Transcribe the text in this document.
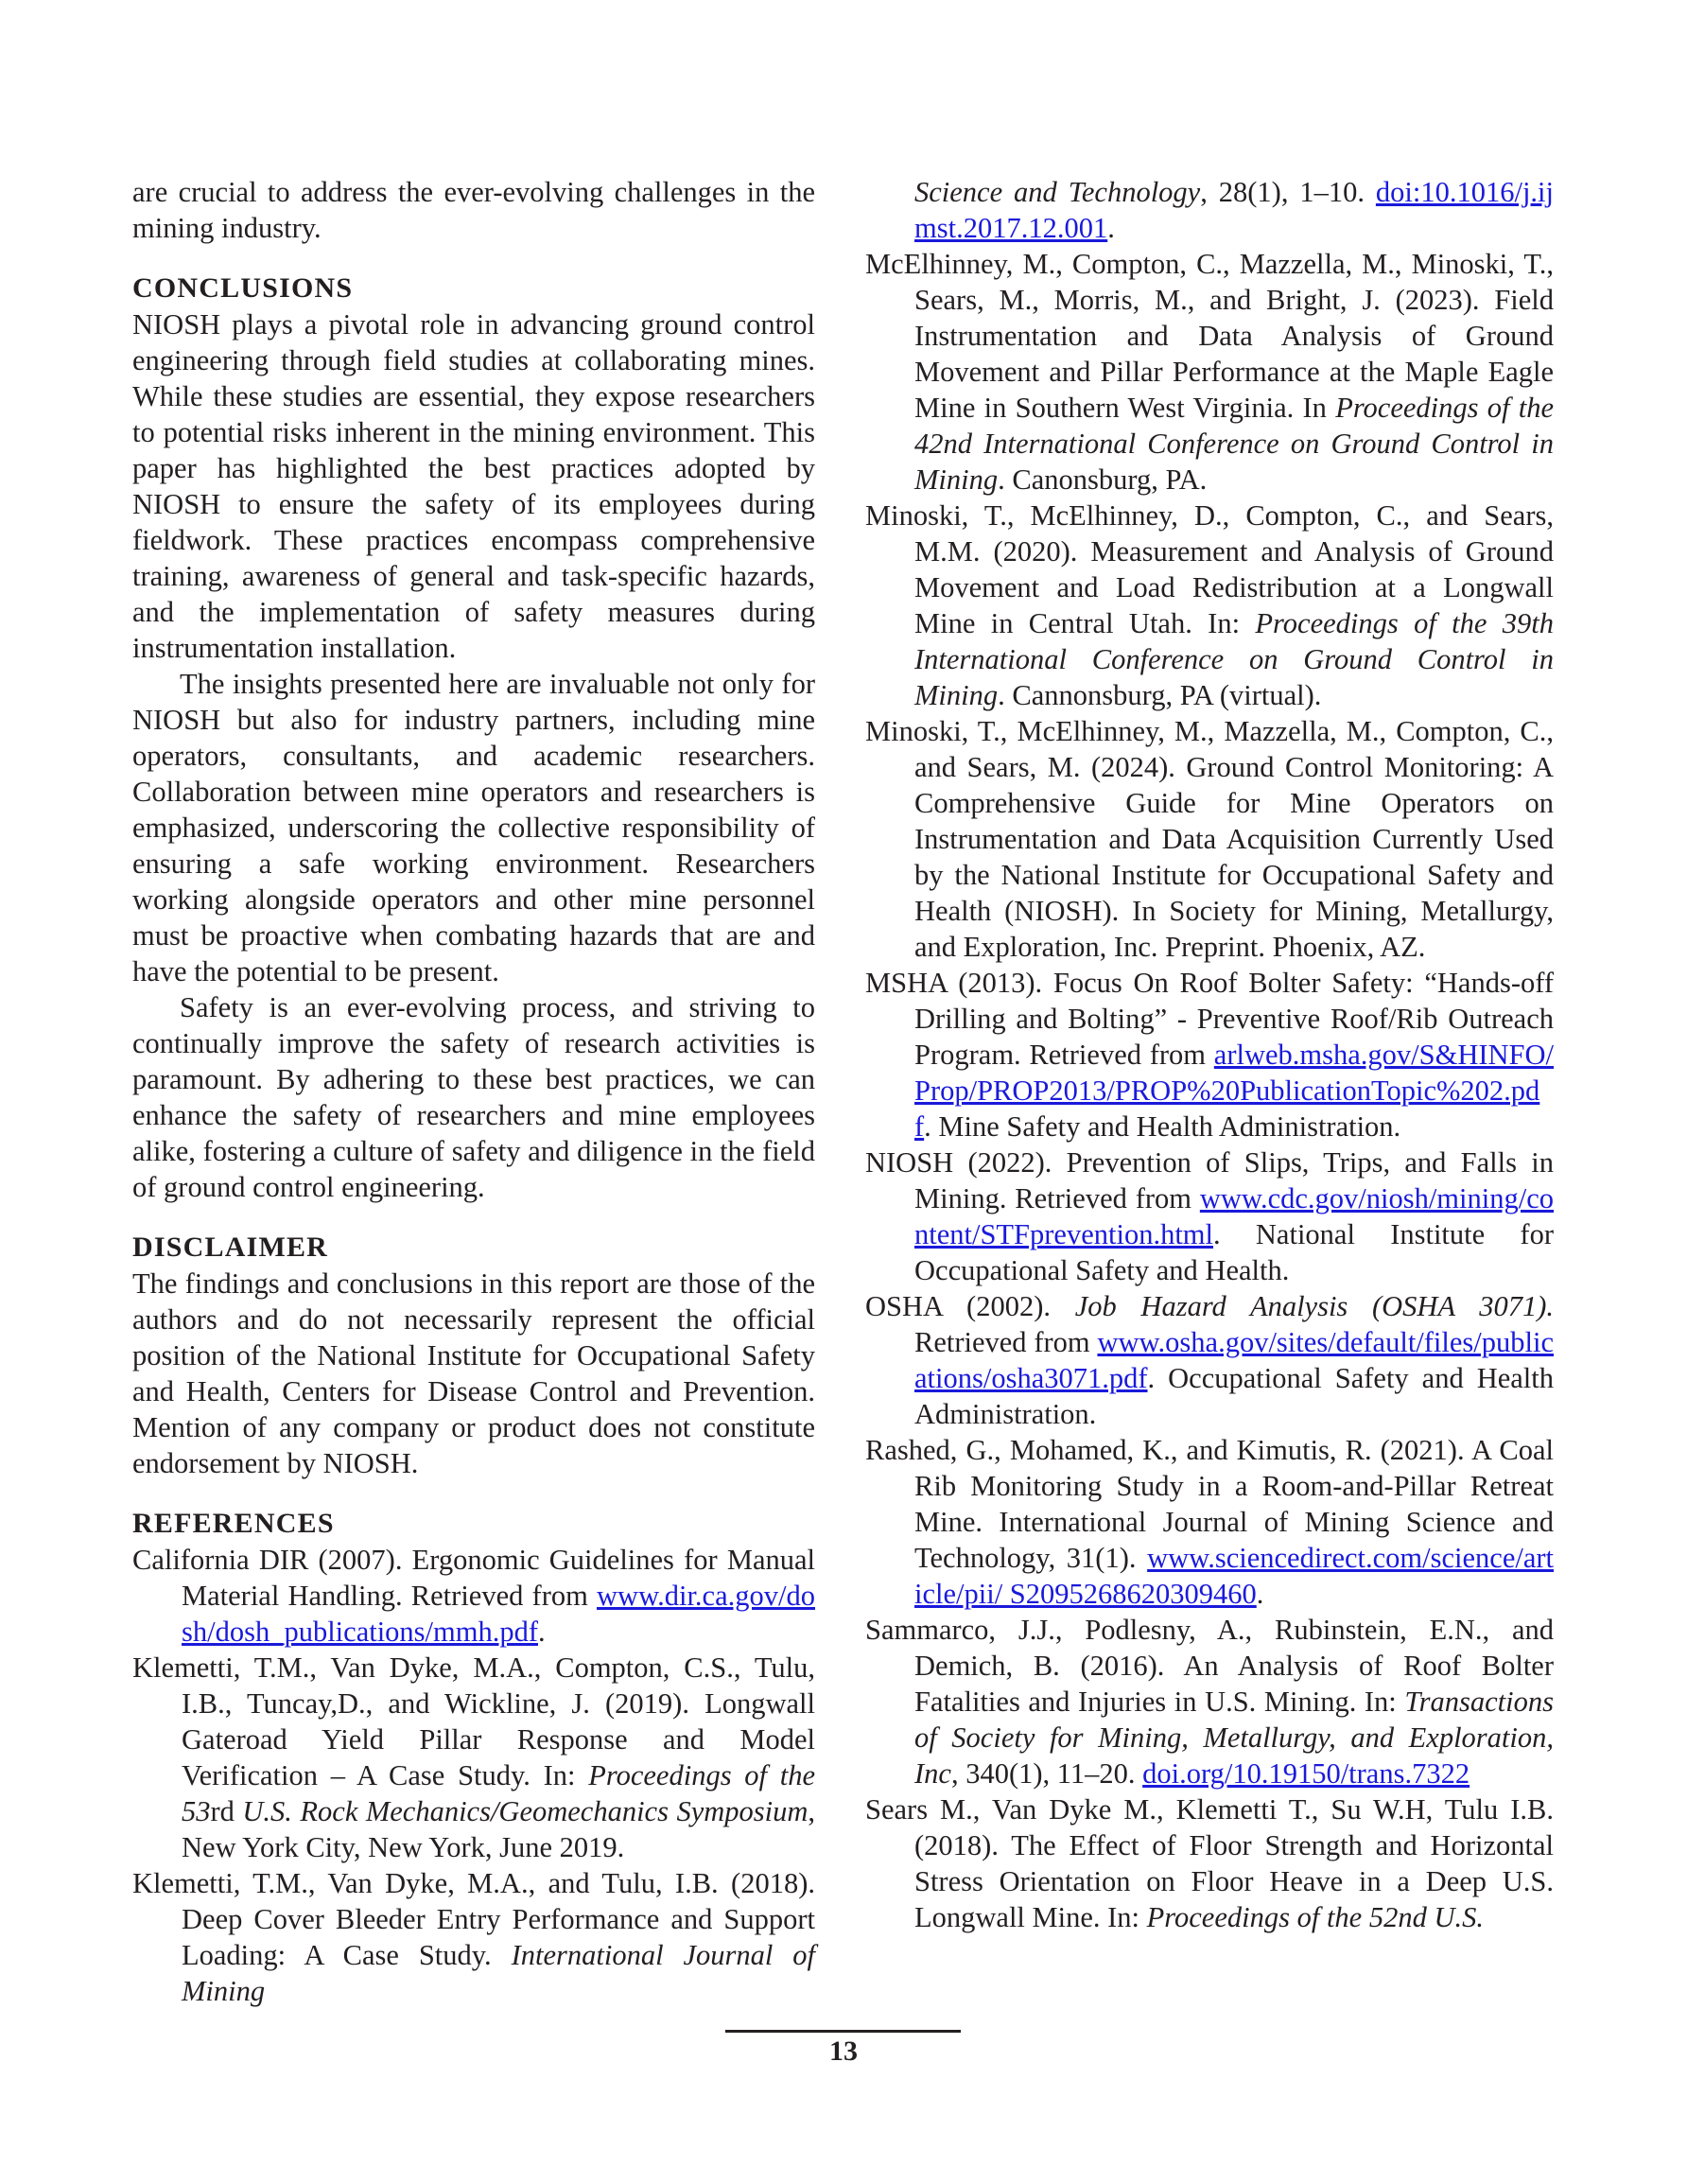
are crucial to address the ever-evolving challenges in the mining industry.

CONCLUSIONS

NIOSH plays a pivotal role in advancing ground control engineering through field studies at collaborating mines. While these studies are essential, they expose researchers to potential risks inherent in the mining environment. This paper has highlighted the best practices adopted by NIOSH to ensure the safety of its employees during fieldwork. These practices encompass comprehensive training, awareness of general and task-specific hazards, and the implementation of safety measures during instrumentation installation.

The insights presented here are invaluable not only for NIOSH but also for industry partners, including mine operators, consultants, and academic researchers. Collaboration between mine operators and researchers is emphasized, underscoring the collective responsibility of ensuring a safe working environment. Researchers working alongside operators and other mine personnel must be proactive when combating hazards that are and have the potential to be present.

Safety is an ever-evolving process, and striving to continually improve the safety of research activities is paramount. By adhering to these best practices, we can enhance the safety of researchers and mine employees alike, fostering a culture of safety and diligence in the field of ground control engineering.

DISCLAIMER

The findings and conclusions in this report are those of the authors and do not necessarily represent the official position of the National Institute for Occupational Safety and Health, Centers for Disease Control and Prevention. Mention of any company or product does not constitute endorsement by NIOSH.

REFERENCES

California DIR (2007). Ergonomic Guidelines for Manual Material Handling. Retrieved from www.dir.ca.gov/dosh/dosh_publications/mmh.pdf.

Klemetti, T.M., Van Dyke, M.A., Compton, C.S., Tulu, I.B., Tuncay,D., and Wickline, J. (2019). Longwall Gateroad Yield Pillar Response and Model Verification – A Case Study. In: Proceedings of the 53rd U.S. Rock Mechanics/Geomechanics Symposium, New York City, New York, June 2019.

Klemetti, T.M., Van Dyke, M.A., and Tulu, I.B. (2018). Deep Cover Bleeder Entry Performance and Support Loading: A Case Study. International Journal of Mining

Science and Technology, 28(1), 1–10. doi:10.1016/j.ijmst.2017.12.001.

McElhinney, M., Compton, C., Mazzella, M., Minoski, T., Sears, M., Morris, M., and Bright, J. (2023). Field Instrumentation and Data Analysis of Ground Movement and Pillar Performance at the Maple Eagle Mine in Southern West Virginia. In Proceedings of the 42nd International Conference on Ground Control in Mining. Canonsburg, PA.

Minoski, T., McElhinney, D., Compton, C., and Sears, M.M. (2020). Measurement and Analysis of Ground Movement and Load Redistribution at a Longwall Mine in Central Utah. In: Proceedings of the 39th International Conference on Ground Control in Mining. Cannonsburg, PA (virtual).

Minoski, T., McElhinney, M., Mazzella, M., Compton, C., and Sears, M. (2024). Ground Control Monitoring: A Comprehensive Guide for Mine Operators on Instrumentation and Data Acquisition Currently Used by the National Institute for Occupational Safety and Health (NIOSH). In Society for Mining, Metallurgy, and Exploration, Inc. Preprint. Phoenix, AZ.

MSHA (2013). Focus On Roof Bolter Safety: “Hands-off Drilling and Bolting” - Preventive Roof/Rib Outreach Program. Retrieved from arlweb.msha.gov/S&HINFO/Prop/PROP2013/PROP%20PublicationTopic%202.pdf. Mine Safety and Health Administration.

NIOSH (2022). Prevention of Slips, Trips, and Falls in Mining. Retrieved from www.cdc.gov/niosh/mining/content/STFprevention.html. National Institute for Occupational Safety and Health.

OSHA (2002). Job Hazard Analysis (OSHA 3071). Retrieved from www.osha.gov/sites/default/files/publications/osha3071.pdf. Occupational Safety and Health Administration.

Rashed, G., Mohamed, K., and Kimutis, R. (2021). A Coal Rib Monitoring Study in a Room-and-Pillar Retreat Mine. International Journal of Mining Science and Technology, 31(1). www.sciencedirect.com/science/article/pii/ S2095268620309460.

Sammarco, J.J., Podlesny, A., Rubinstein, E.N., and Demich, B. (2016). An Analysis of Roof Bolter Fatalities and Injuries in U.S. Mining. In: Transactions of Society for Mining, Metallurgy, and Exploration, Inc, 340(1), 11–20. doi.org/10.19150/trans.7322

Sears M., Van Dyke M., Klemetti T., Su W.H, Tulu I.B. (2018). The Effect of Floor Strength and Horizontal Stress Orientation on Floor Heave in a Deep U.S. Longwall Mine. In: Proceedings of the 52nd U.S.

13
